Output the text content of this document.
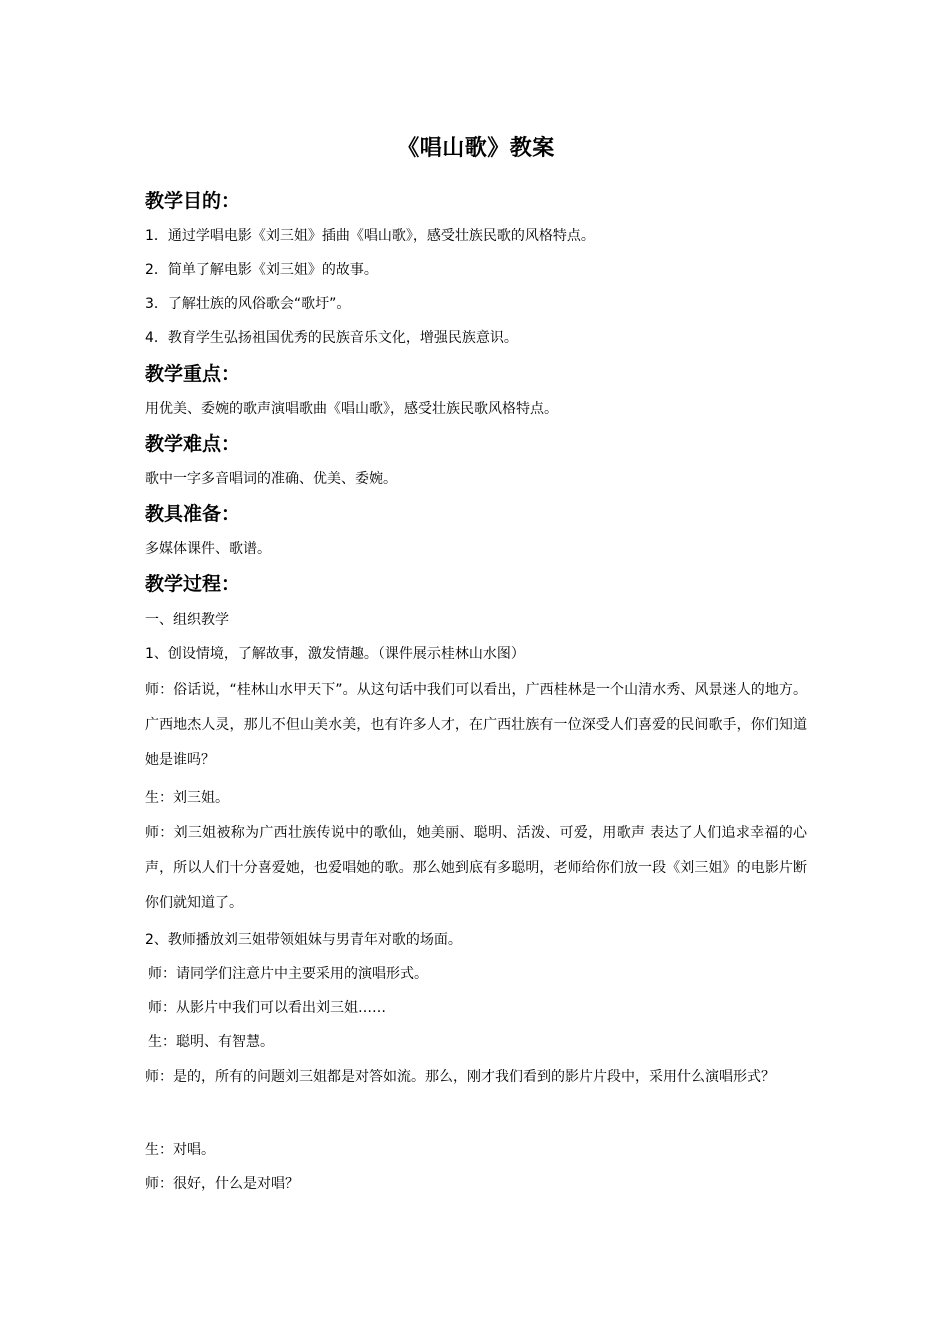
《唱山歌》教案
教学目的：
1．通过学唱电影《刘三姐》插曲《唱山歌》，感受壮族民歌的风格特点。
2．简单了解电影《刘三姐》的故事。
3．了解壮族的风俗歌会“歌圩”。
4．教育学生弘扬祖国优秀的民族音乐文化，增强民族意识。
教学重点：
用优美、委婉的歌声演唱歌曲《唱山歌》，感受壮族民歌风格特点。
教学难点：
歌中一字多音唱词的准确、优美、委婉。
教具准备：
多媒体课件、歌谱。
教学过程：
一、组织教学
1、创设情境，了解故事，激发情趣。（课件展示桂林山水图）
师：俗话说，“桂林山水甲天下”。从这句话中我们可以看出，广西桂林是一个山清水秀、风景迷人的地方。广西地杰人灵，那儿不但山美水美，也有许多人才，在广西壮族有一位深受人们喜爱的民间歌手，你们知道她是谁吗？
生：刘三姐。
师：刘三姐被称为广西壮族传说中的歌仙，她美丽、聪明、活泼、可爱，用歌声 表达了人们追求幸福的心声，所以人们十分喜爱她，也爱唱她的歌。那么她到底有多聪明，老师给你们放一段《刘三姐》的电影片断你们就知道了。
2、教师播放刘三姐带领姐妹与男青年对歌的场面。
师：请同学们注意片中主要采用的演唱形式。
师：从影片中我们可以看出刘三姐……
生：聪明、有智慧。
师：是的，所有的问题刘三姐都是对答如流。那么，刚才我们看到的影片片段中，采用什么演唱形式？
生：对唱。
师：很好，什么是对唱？
